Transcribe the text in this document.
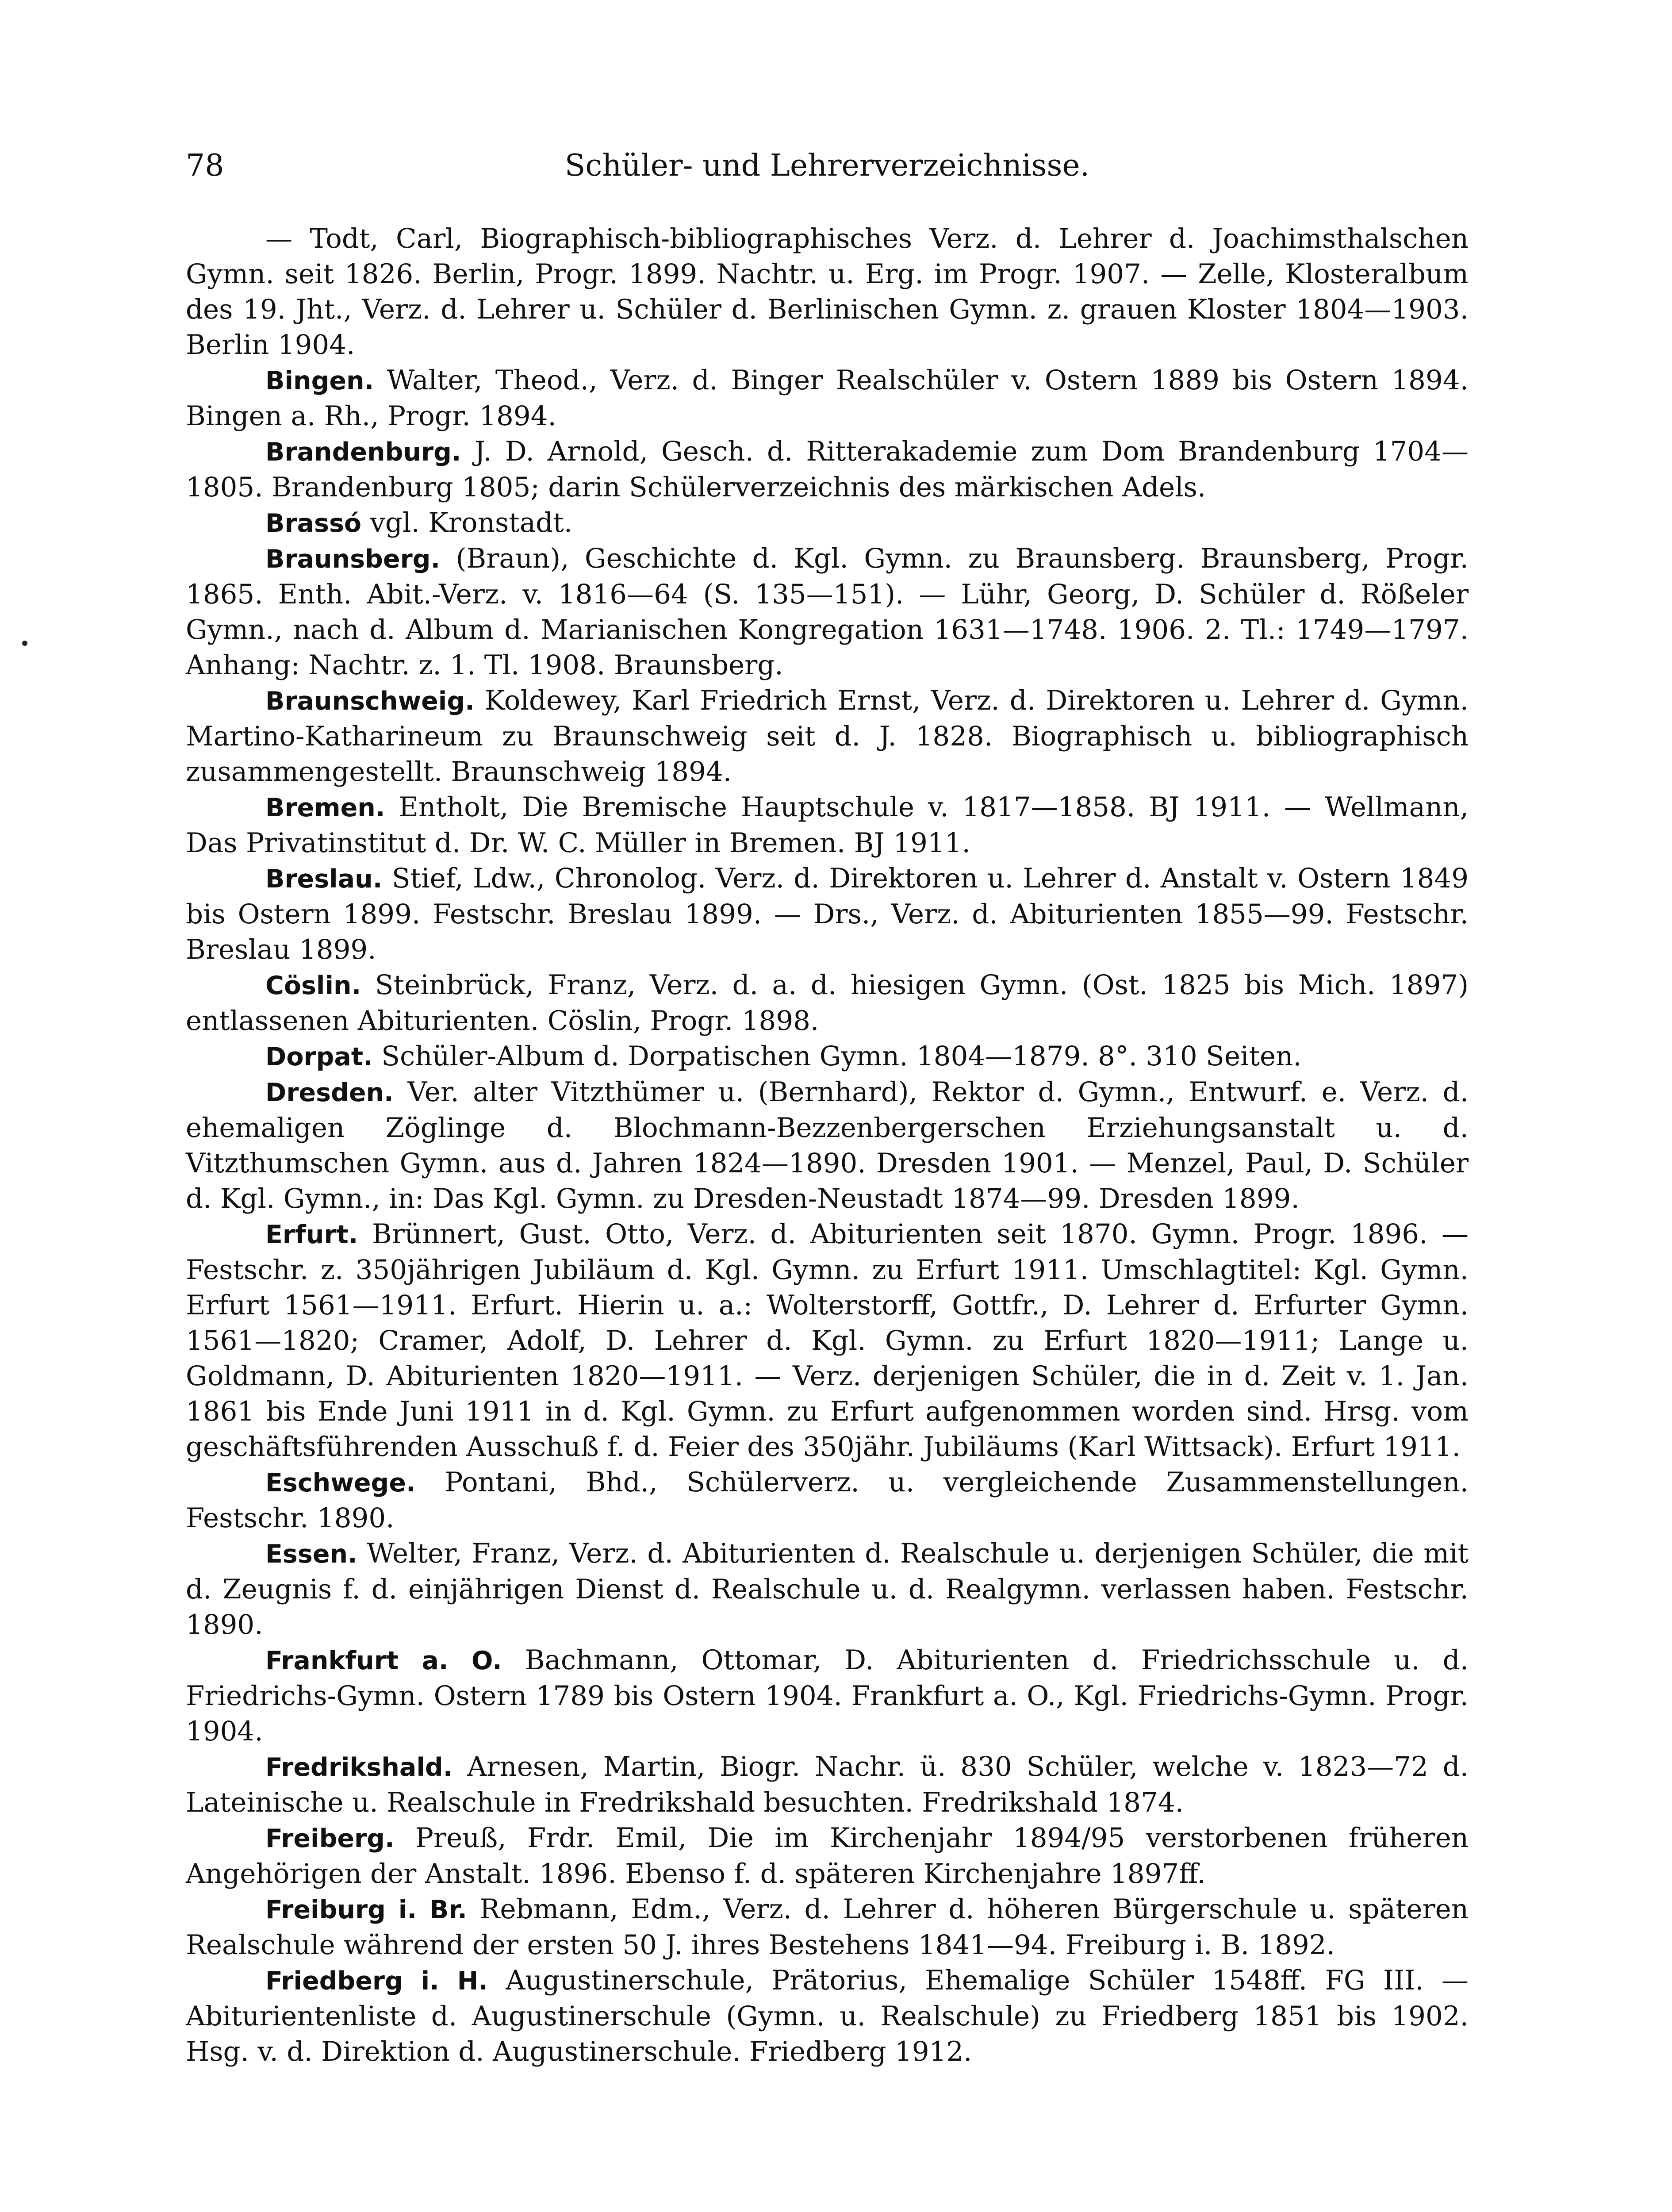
78	Schüler- und Lehrerverzeichnisse.

— Todt, Carl, Biographisch-bibliographisches Verz. d. Lehrer d. Joachimsthalschen Gymn. seit 1826. Berlin, Progr. 1899. Nachtr. u. Erg. im Progr. 1907. — Zelle, Klosteralbum des 19. Jht., Verz. d. Lehrer u. Schüler d. Berlinischen Gymn. z. grauen Kloster 1804—1903. Berlin 1904.

Bingen. Walter, Theod., Verz. d. Binger Realschüler v. Ostern 1889 bis Ostern 1894. Bingen a. Rh., Progr. 1894.

Brandenburg. J. D. Arnold, Gesch. d. Ritterakademie zum Dom Brandenburg 1704—1805. Brandenburg 1805; darin Schülerverzeichnis des märkischen Adels.

Brassó vgl. Kronstadt.

Braunsberg. (Braun), Geschichte d. Kgl. Gymn. zu Braunsberg. Braunsberg, Progr. 1865. Enth. Abit.-Verz. v. 1816—64 (S. 135—151). — Lühr, Georg, D. Schüler d. Rößeler Gymn., nach d. Album d. Marianischen Kongregation 1631—1748. 1906. 2. Tl.: 1749—1797. Anhang: Nachtr. z. 1. Tl. 1908. Braunsberg.

Braunschweig. Koldewey, Karl Friedrich Ernst, Verz. d. Direktoren u. Lehrer d. Gymn. Martino-Katharineum zu Braunschweig seit d. J. 1828. Biographisch u. bibliographisch zusammengestellt. Braunschweig 1894.

Bremen. Entholt, Die Bremische Hauptschule v. 1817—1858. BJ 1911. — Wellmann, Das Privatinstitut d. Dr. W. C. Müller in Bremen. BJ 1911.

Breslau. Stief, Ldw., Chronolog. Verz. d. Direktoren u. Lehrer d. Anstalt v. Ostern 1849 bis Ostern 1899. Festschr. Breslau 1899. — Drs., Verz. d. Abiturienten 1855—99. Festschr. Breslau 1899.

Cöslin. Steinbrück, Franz, Verz. d. a. d. hiesigen Gymn. (Ost. 1825 bis Mich. 1897) entlassenen Abiturienten. Cöslin, Progr. 1898.

Dorpat. Schüler-Album d. Dorpatischen Gymn. 1804—1879. 8°. 310 Seiten.

Dresden. Ver. alter Vitzthümer u. (Bernhard), Rektor d. Gymn., Entwurf. e. Verz. d. ehemaligen Zöglinge d. Blochmann-Bezzenbergerschen Erziehungsanstalt u. d. Vitzthumschen Gymn. aus d. Jahren 1824—1890. Dresden 1901. — Menzel, Paul, D. Schüler d. Kgl. Gymn., in: Das Kgl. Gymn. zu Dresden-Neustadt 1874—99. Dresden 1899.

Erfurt. Brünnert, Gust. Otto, Verz. d. Abiturienten seit 1870. Gymn. Progr. 1896. — Festschr. z. 350jährigen Jubiläum d. Kgl. Gymn. zu Erfurt 1911. Umschlagtitel: Kgl. Gymn. Erfurt 1561—1911. Erfurt. Hierin u. a.: Wolterstorff, Gottfr., D. Lehrer d. Erfurter Gymn. 1561—1820; Cramer, Adolf, D. Lehrer d. Kgl. Gymn. zu Erfurt 1820—1911; Lange u. Goldmann, D. Abiturienten 1820—1911. — Verz. derjenigen Schüler, die in d. Zeit v. 1. Jan. 1861 bis Ende Juni 1911 in d. Kgl. Gymn. zu Erfurt aufgenommen worden sind. Hrsg. vom geschäftsführenden Ausschuß f. d. Feier des 350jähr. Jubiläums (Karl Wittsack). Erfurt 1911.

Eschwege. Pontani, Bhd., Schülerverz. u. vergleichende Zusammenstellungen. Festschr. 1890.

Essen. Welter, Franz, Verz. d. Abiturienten d. Realschule u. derjenigen Schüler, die mit d. Zeugnis f. d. einjährigen Dienst d. Realschule u. d. Realgymn. verlassen haben. Festschr. 1890.

Frankfurt a. O. Bachmann, Ottomar, D. Abiturienten d. Friedrichsschule u. d. Friedrichs-Gymn. Ostern 1789 bis Ostern 1904. Frankfurt a. O., Kgl. Friedrichs-Gymn. Progr. 1904.

Fredrikshald. Arnesen, Martin, Biogr. Nachr. ü. 830 Schüler, welche v. 1823—72 d. Lateinische u. Realschule in Fredrikshald besuchten. Fredrikshald 1874.

Freiberg. Preuß, Frdr. Emil, Die im Kirchenjahr 1894/95 verstorbenen früheren Angehörigen der Anstalt. 1896. Ebenso f. d. späteren Kirchenjahre 1897ff.

Freiburg i. Br. Rebmann, Edm., Verz. d. Lehrer d. höheren Bürgerschule u. späteren Realschule während der ersten 50 J. ihres Bestehens 1841—94. Freiburg i. B. 1892.

Friedberg i. H. Augustinerschule, Prätorius, Ehemalige Schüler 1548ff. FG III. — Abiturientenliste d. Augustinerschule (Gymn. u. Realschule) zu Friedberg 1851 bis 1902. Hsg. v. d. Direktion d. Augustinerschule. Friedberg 1912.
